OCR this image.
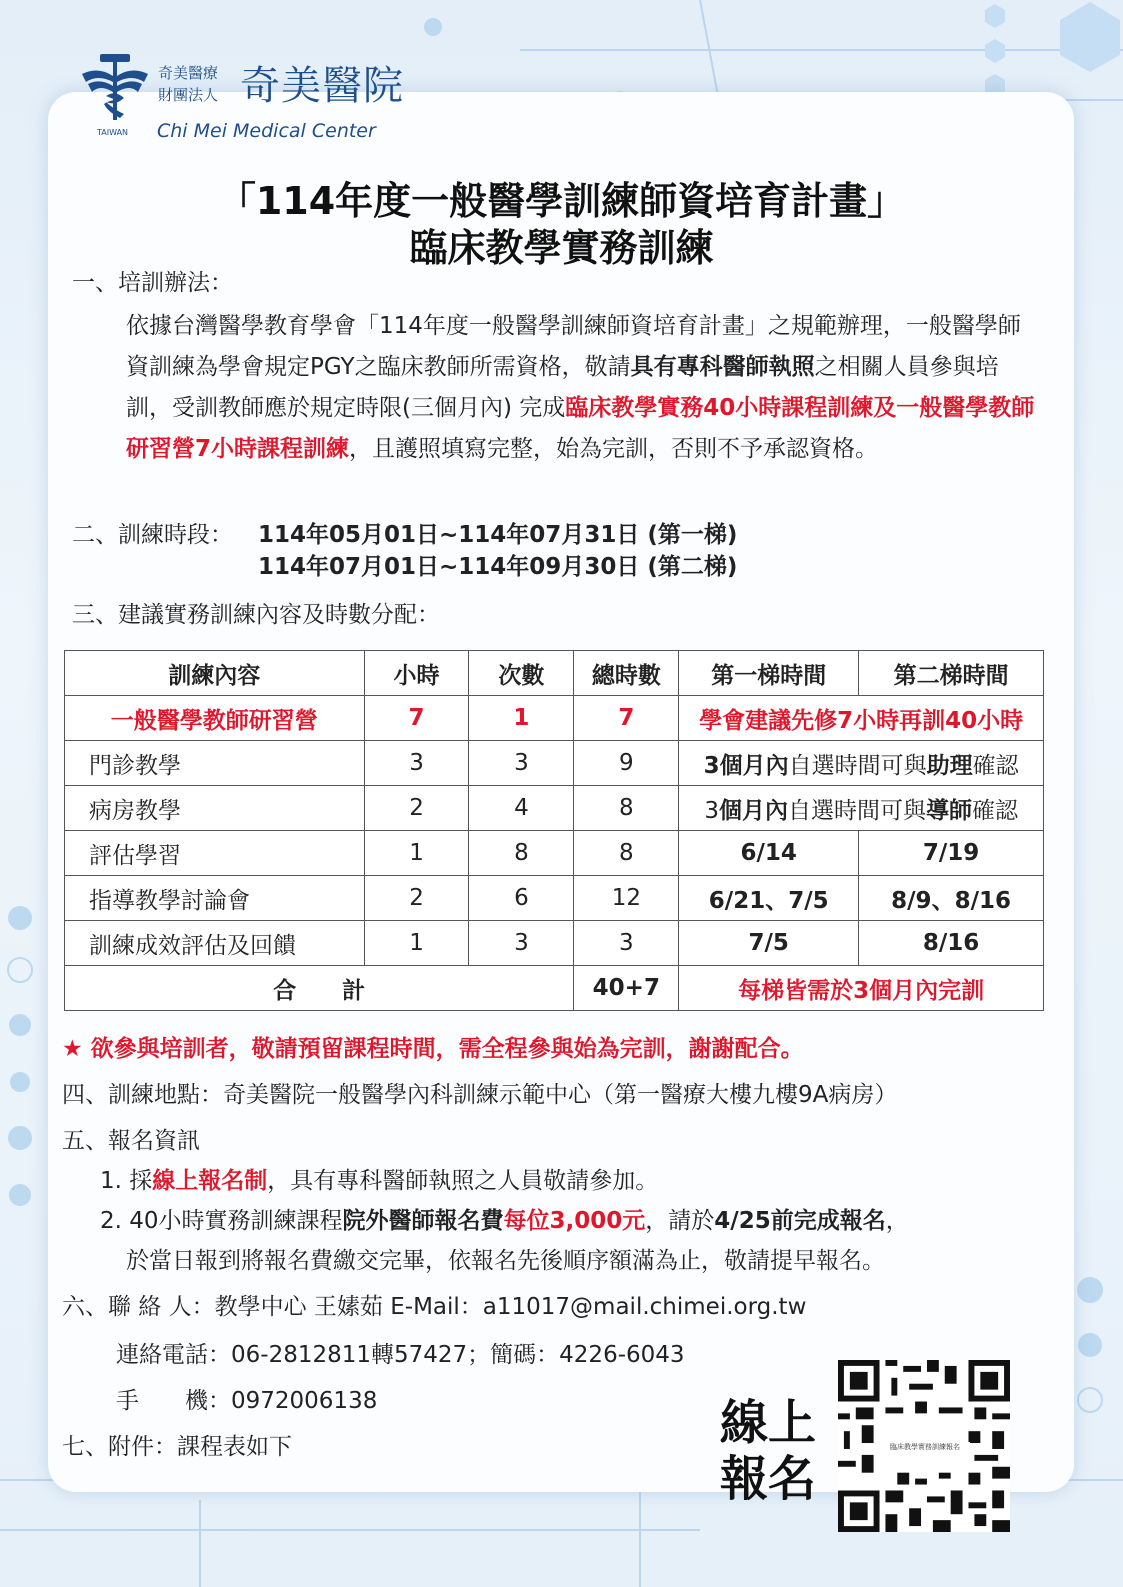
TAIWAN
奇美醫療
財團法人 奇美醫院
Chi Mei Medical Center
「114年度一般醫學訓練師資培育計畫」
臨床教學實務訓練
一、培訓辦法：
依據台灣醫學教育學會「114年度一般醫學訓練師資培育計畫」之規範辦理，一般醫學師資訓練為學會規定PGY之臨床教師所需資格，敬請具有專科醫師執照之相關人員參與培訓，受訓教師應於規定時限(三個月內) 完成臨床教學實務40小時課程訓練及一般醫學教師研習營7小時課程訓練，且護照填寫完整，始為完訓，否則不予承認資格。
二、訓練時段： 114年05月01日~114年07月31日 (第一梯)
114年07月01日~114年09月30日 (第二梯)
三、建議實務訓練內容及時數分配：
訓練內容	小時	次數	總時數	第一梯時間	第二梯時間
一般醫學教師研習營	7	1	7	學會建議先修7小時再訓40小時	
門診教學	3	3	9	3個月內自選時間可與助理確認	
病房教學	2	4	8	3個月內自選時間可與導師確認	
評估學習	1	8	8	6/14	7/19
指導教學討論會	2	6	12	6/21、7/5	8/9、8/16
訓練成效評估及回饋	1	3	3	7/5	8/16
合　　計			40+7	每梯皆需於3個月內完訓	
★ 欲參與培訓者，敬請預留課程時間，需全程參與始為完訓，謝謝配合。
四、訓練地點：奇美醫院一般醫學內科訓練示範中心（第一醫療大樓九樓9A病房）
五、報名資訊
1. 採線上報名制，具有專科醫師執照之人員敬請參加。
2. 40小時實務訓練課程院外醫師報名費每位3,000元，請於4/25前完成報名，
於當日報到將報名費繳交完畢，依報名先後順序額滿為止，敬請提早報名。
六、聯 絡 人：教學中心 王嫊茹 E-Mail：a11017@mail.chimei.org.tw
連絡電話：06-2812811轉57427；簡碼：4226-6043
手　　機：0972006138
七、附件：課程表如下	線上報名
臨床教學實務訓練報名
